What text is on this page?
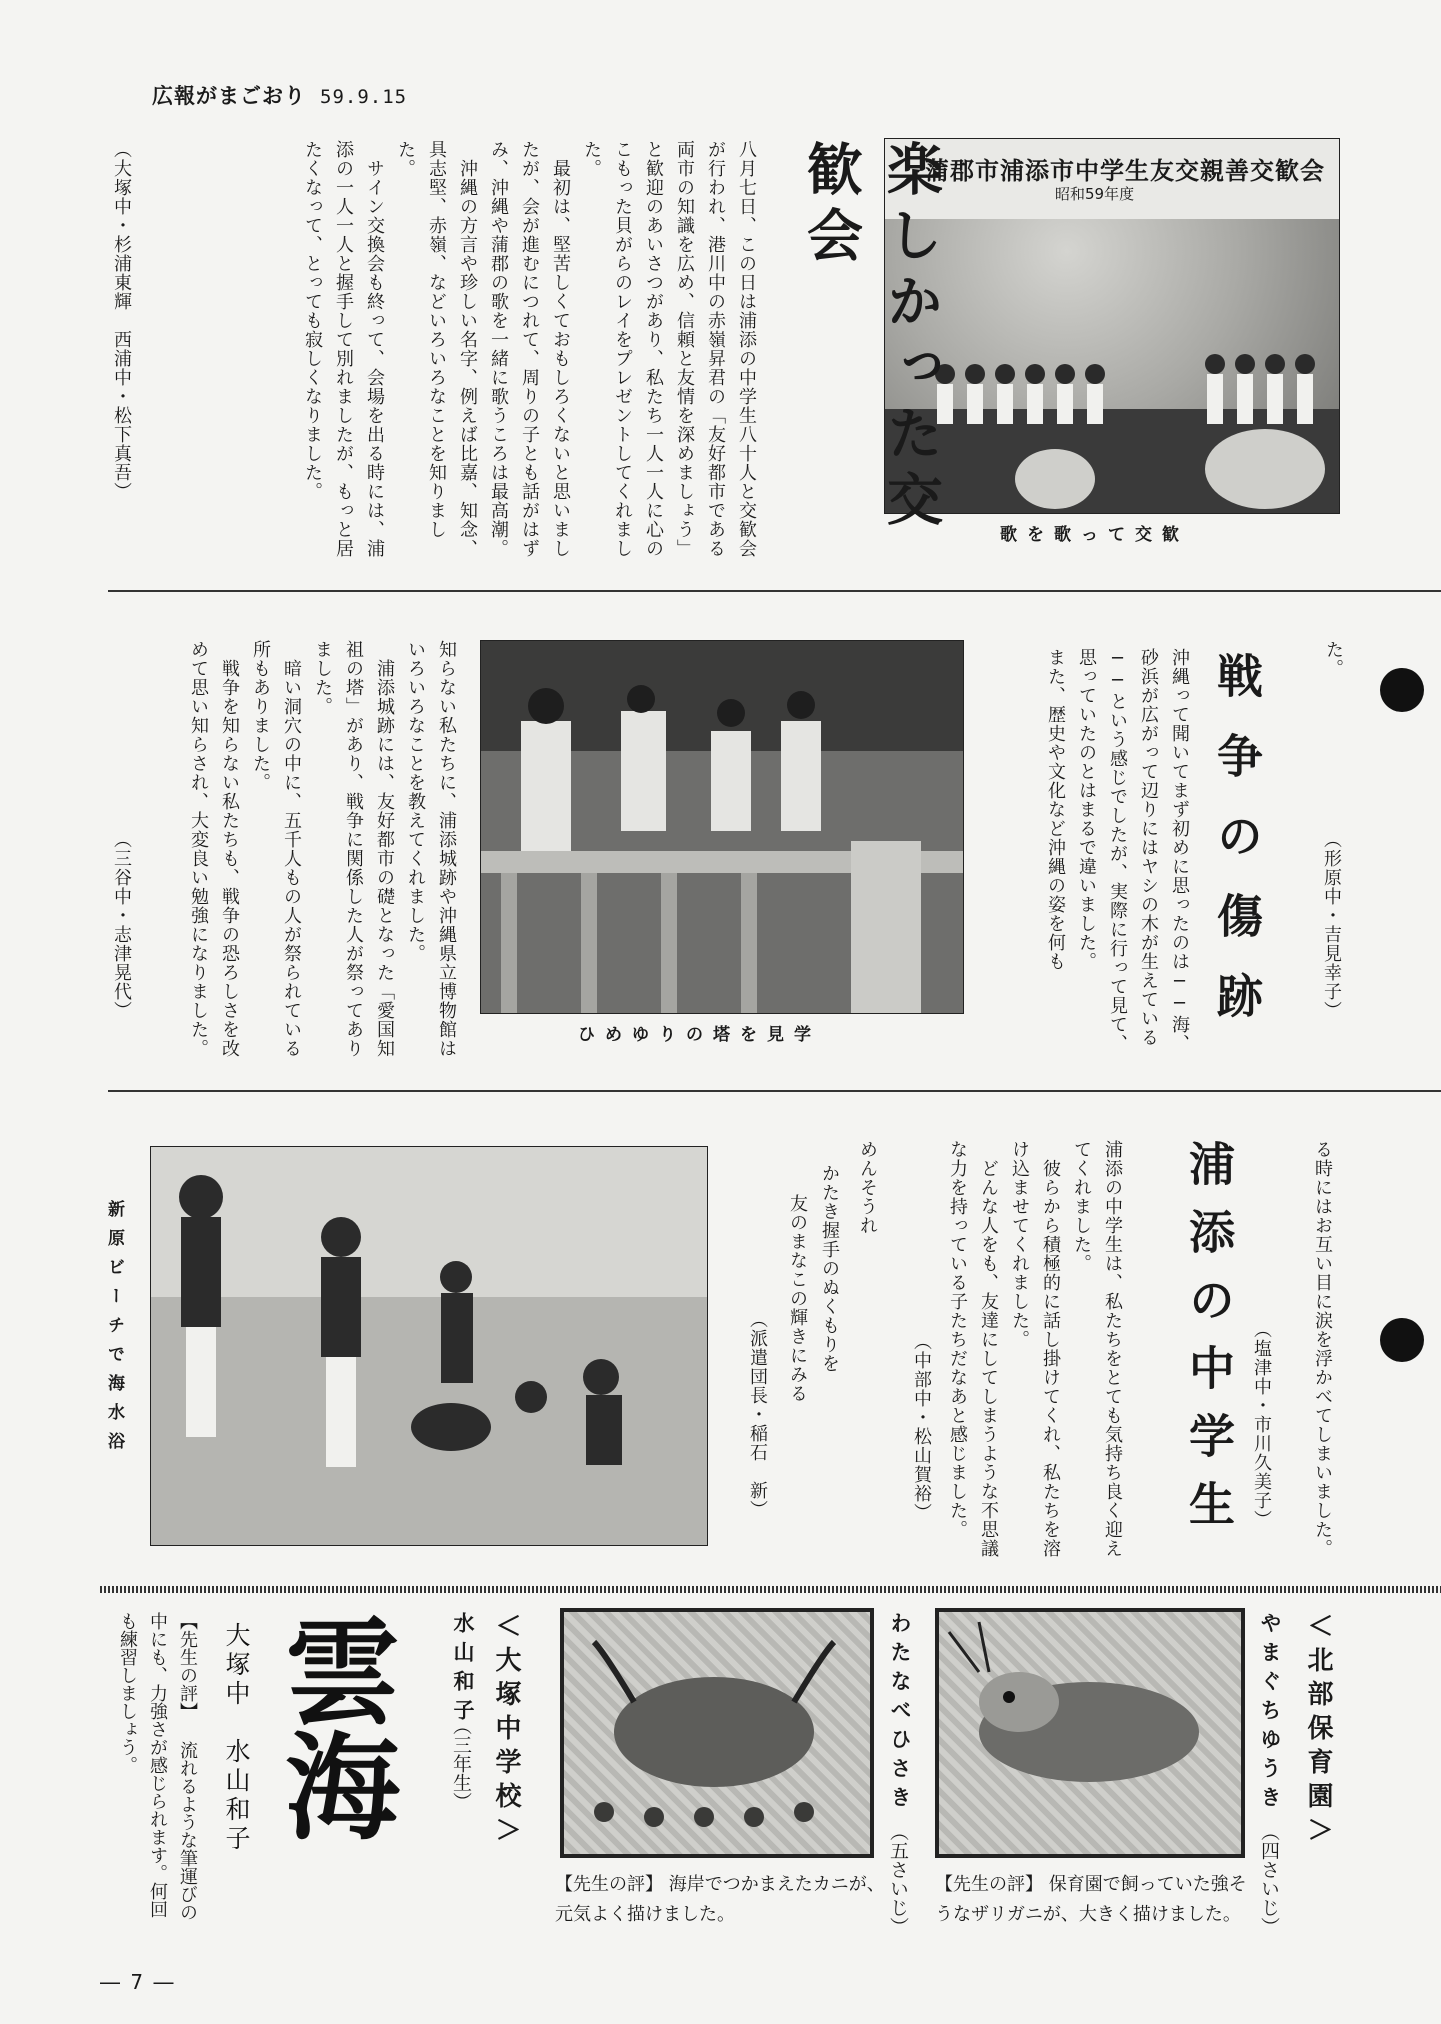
広報がまごおり 59.9.15
蒲郡市浦添市中学生友交親善交歓会
昭和59年度
歌を歌って交歓
楽しかった交歓会
八月七日、この日は浦添の中学生八十人と交歓会が行われ、港川中の赤嶺昇君の「友好都市である両市の知識を広め、信頼と友情を深めましょう」と歓迎のあいさつがあり、私たち一人一人に心のこもった貝がらのレイをプレゼントしてくれました。
　最初は、堅苦しくておもしろくないと思いましたが、会が進むにつれて、周りの子とも話がはずみ、沖縄や蒲郡の歌を一緒に歌うころは最高潮。
　沖縄の方言や珍しい名字、例えば比嘉、知念、具志堅、赤嶺、などいろいろなことを知りました。
　サイン交換会も終って、会場を出る時には、浦添の一人一人と握手して別れましたが、もっと居たくなって、とっても寂しくなりました。
（大塚中・杉浦東輝　西浦中・松下真吾）
た。
（形原中・吉見幸子）
戦争の傷跡
沖縄って聞いてまず初めに思ったのは──海、砂浜が広がって辺りにはヤシの木が生えている──という感じでしたが、実際に行って見て、思っていたのとはまるで違いました。
また、歴史や文化など沖縄の姿を何も
ひめゆりの塔を見学
知らない私たちに、浦添城跡や沖縄県立博物館はいろいろなことを教えてくれました。
　浦添城跡には、友好都市の礎となった「愛国知祖の塔」があり、戦争に関係した人が祭ってありました。
　暗い洞穴の中に、五千人もの人が祭られている所もありました。
　戦争を知らない私たちも、戦争の恐ろしさを改めて思い知らされ、大変良い勉強になりました。
（三谷中・志津晃代）
る時にはお互い目に涙を浮かべてしまいました。
（塩津中・市川久美子）
浦添の中学生
浦添の中学生は、私たちをとても気持ち良く迎えてくれました。
　彼らから積極的に話し掛けてくれ、私たちを溶け込ませてくれました。
　どんな人をも、友達にしてしまうような不思議な力を持っている子たちだなあと感じました。
（中部中・松山賀裕）
めんそうれ
かたき握手のぬくもりを
友のまなこの輝きにみる
（派遣団長・稲石　新）
新原ビーチで海水浴
＜北部保育園＞
やまぐちゆうき
（四さいじ）
【先生の評】 保育園で飼っていた強そうなザリガニが、大きく描けました。
わたなべひさき
（五さいじ）
【先生の評】 海岸でつかまえたカニが、元気よく描けました。
＜大塚中学校＞
水山和子
（三年生）
雲海
大塚中　水山和子
【先生の評】 流れるような筆運びの中にも、力強さが感じられます。何回も練習しましょう。
― 7 ―
